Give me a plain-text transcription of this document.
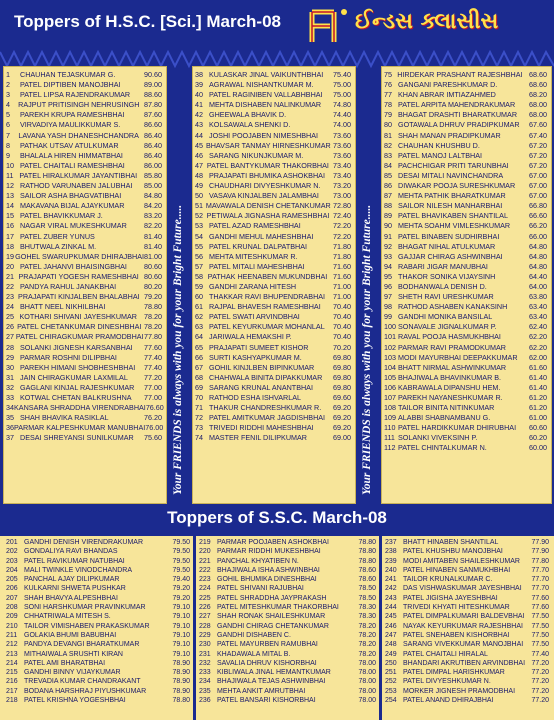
Toppers of H.S.C. [Sci.] March-08	ઈન્ડસ ક્લાસીસ
1	CHAUHAN TEJASKUMAR G.	90.60
2	PATEL DIPTIBEN MANOJBHAI	89.00
3	PATEL LIPSA RAJENDRAKUMAR	88.60
4	RAJPUT PRITISINGH NEHRUSINGH 87.80
5	PAREKH KRUPA RAMESHBHAI	87.60
6	VIRVADIYA MAULIKKUMAR S.	86.60
7	LAVANA YASH DHANESHCHANDRA 86.40
8	PATHAK UTSAV ATULKUMAR	86.40
9	BHALALA HIREN HIMMATBHAI	86.40
10 PATEL CHAITALI RAMESHBHAI	86.00
11 PATEL HIRALKUMAR JAYANTIBHAI 85.80
12 RATHOD VARUNABEN JALUBHAI	85.00
13 SAILOR ASHA BHAGVATIBHAI	84.80
14 MAKAVANA BIJAL AJAYKUMAR	84.20
15 PATEL BHAVIKKUMAR J.	83.20
16 NAGAR VIRAL MUKESHKUMAR	82.20
17 PATEL ZUBER YUNUS	81.40
18 BHUTWALA ZINKAL M.	81.40
19 GOHEL SWARUPKUMAR DHIRAJBHAI 81.00
20 PATEL JAHANVI BHAISINGBHAI	80.60
21 PRAJAPATI YOGESH RAMESHBHAI 80.60
22 PANDYA RAHUL JANAKBHAI	80.20
23 PRAJAPATI KINJALBEN BHALABHAI 79.20
24 BHATT NEEL NIKHILBHAI	78.80
25 KOTHARI SHIVANI JAYESHKUMAR 78.20
26 PATEL CHETANKUMAR DINESHBHAI 78.20
27 PATEL CHIRAGKUMAR PRAMODBHAI 77.80
28 SOLANKI JIGNESH KARSANBHAI	77.60
29 PARMAR ROSHNI DILIPBHAI	77.40
30 PAREKH HIMANI SHOBHESHBHAI	77.40
31 JAIN CHIRAGKUMAR LAXMILAL	77.20
32 GAGLANI KINJAL RAJESHKUMAR	77.00
33 KOTWAL CHETAN BALKRUSHNA	77.00
34 KANSARA SHRADDHA VIRENDRABHAI 76.60
35 SHAH BHAVIKA RASIKLAL	76.20
36 PARMAR KALPESHKUMAR MANUBHAI 76.00
37 DESAI SHREYANSI SUNILKUMAR	75.60
38 KULASKAR JINAL VAIKUNTHBHAI	75.40
39 AGRAWAL NISHANTKUMAR M.	75.00
40 PATEL RAGINIBEN VALLABHBHAI	75.00
41 MEHTA DISHABEN NALINKUMAR	74.80
42 GHEEWALA BHAVIK D.	74.40
43 KOLSAWALA SHENKI D.	74.00
44 JOSHI POOJABEN NIMESHBHAI	73.60
45 BHAVSAR TANMAY HIRNESHKUMAR 73.60
46 SARANG NIKUNJKUMAR M.	73.60
47 PATEL BANTYKUMAR THAKORBHAI 73.40
48 PRAJAPATI BHUMIKA ASHOKBHAI	73.40
49 CHAUDHARI DIVYESHKUMAR N.	73.20
50 VASAVA KINJALBEN JALAMBHAI	73.00
51 MAVAWALA DENISH CHETANKUMAR 72.80
52 PETIWALA JIGNASHA RAMESHBHAI 72.40
53 PATEL AZAD RAMESHBHAI	72.20
54 GANDHI MEHUL MAHESHBHAI	72.20
55 PATEL KRUNAL DALPATBHAI	71.80
56 MEHTA MITESHKUMAR R.	71.80
57 PATEL MITALI MAHESHBHAI	71.60
58 PATHAK HEENABEN MUKUNDBHAI 71.60
59 GANDHI ZARANA HITESH	71.00
60 THAKKAR RAVI BHUPENDRABHAI	71.00
61 RAJPAL BHAVESH RAMESHBHAI	70.40
62 PATEL SWATI ARVINDBHAI	70.40
63 PATEL KEYURKUMAR MOHANLAL	70.40
64 JARIWALA HEMAKSHI P.	70.40
65 PRAJAPATI SUMEET KISHOR	70.20
66 SURTI KASHYAPKUMAR M.	69.80
67 GOHIL KINJLBEN BIPINKUMAR	69.80
68 CHAHWALA BINITA DIPAKKUMAR	69.80
69 SARANG KRUNAL ANANTBHAI	69.80
70 RATHOD ESHA ISHVARLAL	69.60
71 THAKUR CHANDRESHKUMAR R.	69.20
72 PATEL AMITKUMAR JAGDISHBHAI	69.20
73 TRIVEDI RIDDHI MAHESHBHAI	69.20
74 MASTER FENIL DILIPKUMAR	69.00
75 HIRDEKAR PRASHANT RAJESHBHAI 68.60
76 GANGANI PARESHKUMAR D.	68.60
77 KHAN ABRAR IMTIAZAHMED	68.20
78 PATEL ARPITA MAHENDRAKUMAR	68.00
79 BHAGAT DRASHTI BHARATKUMAR	68.00
80 GOTAWALA DHRUV PRADIPKUMAR	67.60
81 SHAH MANAN PRADIPKUMAR	67.40
82 CHAUHAN KHUSHBU D.	67.20
83 PATEL MANOJ LALTBHAI	67.20
84 PACHCHIGAR PRITI TARUNBHAI	67.20
85 DESAI MITALI NAVINCHANDRA	67.00
86 DIWAKAR POOJA SURESHKUMAR	67.00
87 MEHTA PATHIK BHARATKUMAR	67.00
88 SAILOR NILESH MANHARBHAI	66.80
89 PATEL BHAVIKABEN SHANTILAL	66.60
90 MEHTA SOAHM VIMLESHKUMAR	66.20
91 PATEL BINABEN SUDHIRBHAI	66.00
92 BHAGAT NIHAL ATULKUMAR	64.80
93 GAJJAR CHIRAG ASHWINBHAI	64.80
94 RABARI JIGAR MANUBHAI	64.80
95 THAKOR SONIKA VIJAYSINH	64.40
96 BODHANWALA DENISH D.	64.00
97 SHETH RAVI URESHKUMAR	63.80
98 RATHOD ASHABEN KANAKSINH	63.40
99 GANDHI MONIKA BANSILAL	63.40
100 SONAVALE JIGNALKUMAR P.	62.40
101 RAVAL POOJA HASMUKHBHAI	62.20
102 PARMAR RAVI PRAMODKUMAR	62.20
103 MODI MAYURBHAI DEEPAKKUMAR	62.00
104 BHATT NIRMAL ASHWINKUMAR	61.60
105 BHAJIWALA BHAVINKUMAR B.	61.40
106 KABRAWALA DIPANSHU HEM.	61.40
107 PAREKH NAYANESHKUMAR R.	61.20
108 TAILOR BINITA NITINKUMAR	61.20
109 ALABBI SHABNAMBANU G.	61.00
110 PATEL HARDIKKUMAR DHIRUBHAI	60.60
111 SOLANKI VIVEKSINH P.	60.20
112 PATEL CHINTALKUMAR N.	60.00
Your FRIENDS is always with you for your Bright Future.....	Your FRIENDS is always with you for your Bright Future.....
Toppers of S.S.C. March-08
201 GANDHI DENISH VIRENDRAKUMAR	79.50
202 GONDALIYA RAVI BHANDAS	79.50
203 PATEL RAVIKUMAR NATUBHAI	79.50
204 MALI TWINKLE VINODCHANDRA	79.50
205 PANCHAL AJAY DILIPKUMAR	79.40
206 KULKARNI SHWETA PUSHKAR	79.20
207 SHAH BHAVYA ALPESHBHAI	79.20
208 SONI HARSHKUMAR PRAVINKUMAR	79.10
209 CHHATRIWALA MITESH S.	79.10
210 TAILOR VIMISHABEN PRAKASKUMAR	79.10
211 GOLAKIA BHUMI BABUBHAI	79.10
212 PANDYA DEVANGI BHARATKUMAR	79.10
213 MITHAIWALA SRUSHTI KIRAN	79.10
214 PATEL AMI BHARATBHAI	78.90
215 GANDHI BINNY VIJAYKUMAR	78.90
216 TREVADIA KUMAR CHANDRAKANT	78.90
217 BODANA HARSHRAJ PIYUSHKUMAR	78.90
218 PATEL KRISHNA YOGESHBHAI	78.80
219 PARMAR POOJABEN ASHOKBHAI	78.80
220 PARMAR RIDDHI MUKESHBHAI	78.80
221 PANCHAL KHYATIBEN N.	78.80
222 BHAJIWALA ISHA ASHWINBHAI	78.60
223 GOHIL BHUMIKA DINESHBHAI	78.60
224 PATEL SHIVANI RAJUBHAI	78.50
225 PATEL SHRADDHA JAYPRAKASH	78.50
226 PATEL MITESHKUMAR THAKORBHAI	78.30
227 SHAH RONAK SHAILESHKUMAR	78.30
228 GANDHI CHIRAG CHETANKUMAR	78.20
229 GANDHI DISHABEN C.	78.20
230 PATEL MAYURBEN RAMUBHAI	78.20
231 KHADAWALA MITAL B.	78.20
232 SAVALIA DHRUV KISHORBHAI	78.00
233 KIBLIWALA JINAL HEMANTKUMAR	78.00
234 BHAJIWALA TEJAS ASHWINBHAI	78.00
235 MEHTA ANKIT AMRUTBHAI	78.00
236 PATEL BANSARI KISHORBHAI	78.00
237 BHATT HINABEN SHANTILAL	77.90
238 PATEL KHUSHBU MANOJBHAI	77.90
239 MODI AMITABEN SHAILESHKUMAR	77.80
240 PATEL HINABEN SANMUKHBHAI	77.70
241 TAILOR KRUNALKUMAR C.	77.70
242 DAS VISHWASKUMAR JAYESHBHAI	77.70
243 PATEL JIGISHA JAYESHBHAI	77.60
244 TRIVEDI KHYATI HITESHKUMAR	77.60
245 PATEL DIMPALKUMARI BALDEVBHAI 77.50
246 NAYAK KEYURKUMAR RAJESHBHAI	77.50
247 PATEL SNEHABEN KISHORBHAI	77.50
248 SARANG VIVEKKUMAR MANOJBHAI	77.50
249 PATEL CHAITALI HIRALAL	77.40
250 BHANDARI AKRUTIBEN ARVINDBHAI 77.20
251 PATEL DIMPAL HARISHKUMAR	77.20
252 PATEL DIVYESHKUMAR N.	77.20
253 MORKER JIGNESH PRAMODBHAI	77.20
254 PATEL ANAND DHIRAJBHAI	77.20
